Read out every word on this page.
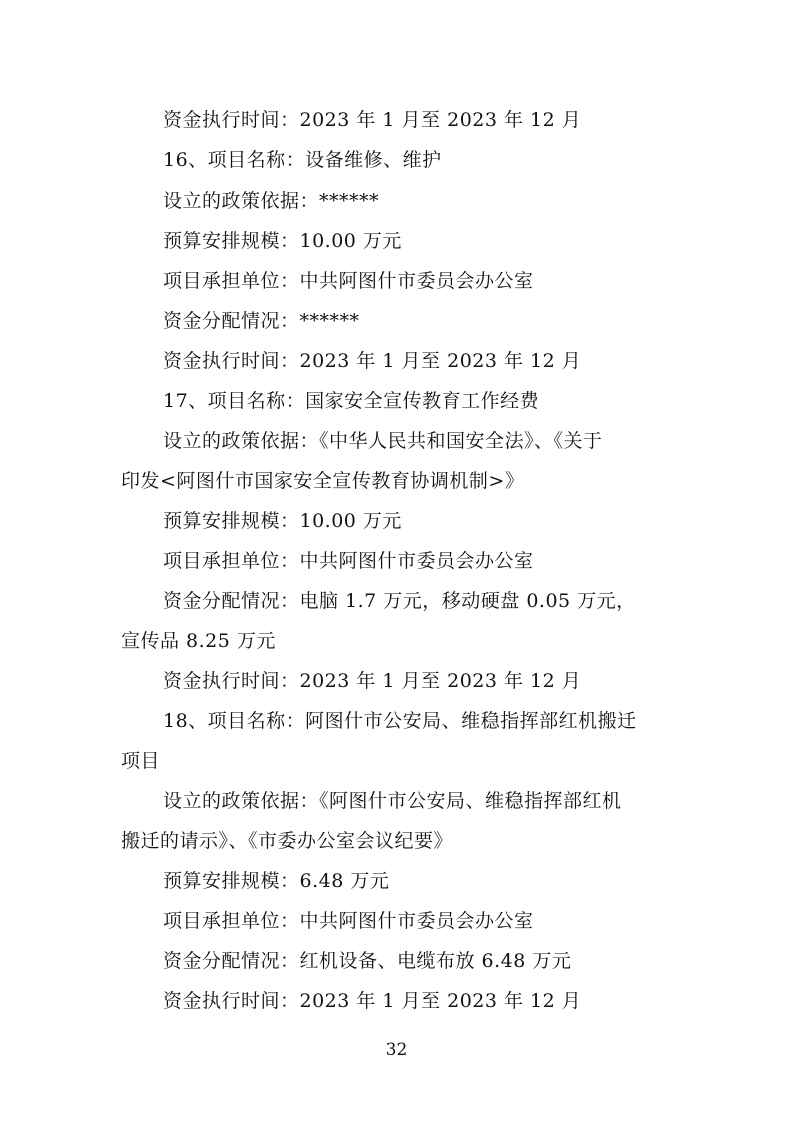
资金执行时间：2023 年 1 月至 2023 年 12 月
16、项目名称：设备维修、维护
设立的政策依据：******
预算安排规模：10.00 万元
项目承担单位：中共阿图什市委员会办公室
资金分配情况：******
资金执行时间：2023 年 1 月至 2023 年 12 月
17、项目名称：国家安全宣传教育工作经费
设立的政策依据：《中华人民共和国安全法》、《关于
印发<阿图什市国家安全宣传教育协调机制>》
预算安排规模：10.00 万元
项目承担单位：中共阿图什市委员会办公室
资金分配情况：电脑 1.7 万元，移动硬盘 0.05 万元，
宣传品 8.25 万元
资金执行时间：2023 年 1 月至 2023 年 12 月
18、项目名称：阿图什市公安局、维稳指挥部红机搬迁
项目
设立的政策依据：《阿图什市公安局、维稳指挥部红机
搬迁的请示》、《市委办公室会议纪要》
预算安排规模：6.48 万元
项目承担单位：中共阿图什市委员会办公室
资金分配情况：红机设备、电缆布放 6.48 万元
资金执行时间：2023 年 1 月至 2023 年 12 月
32
